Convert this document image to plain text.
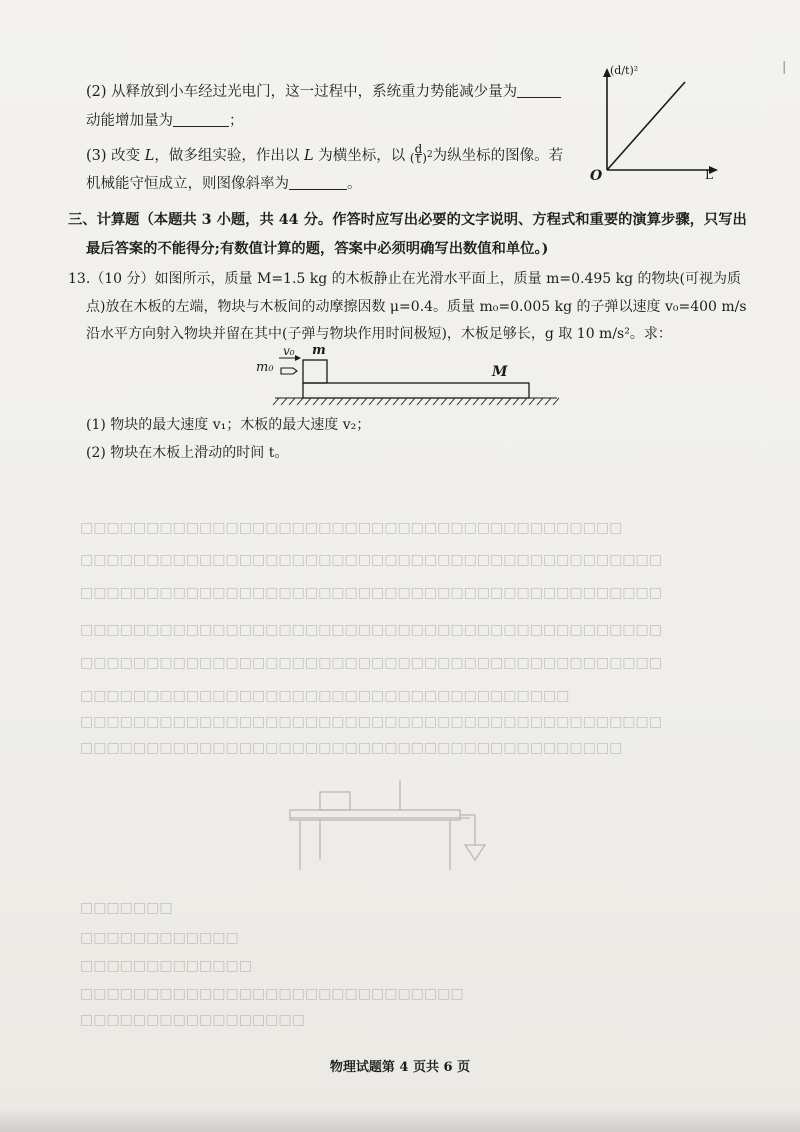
□□□□□□□□□□□□□□□□□□□□□□□□□□□□□□□□□□□□□□□□□
□□□□□□□□□□□□□□□□□□□□□□□□□□□□□□□□□□□□□□□□□□□□
□□□□□□□□□□□□□□□□□□□□□□□□□□□□□□□□□□□□□□□□□□□□
□□□□□□□□□□□□□□□□□□□□□□□□□□□□□□□□□□□□□□□□□□□□
□□□□□□□□□□□□□□□□□□□□□□□□□□□□□□□□□□□□□□□□□□□□
□□□□□□□□□□□□□□□□□□□□□□□□□□□□□□□□□□□□□
□□□□□□□□□□□□□□□□□□□□□□□□□□□□□□□□□□□□□□□□□□□□
□□□□□□□□□□□□□□□□□□□□□□□□□□□□□□□□□□□□□□□□□
□□□□□□□
□□□□□□□□□□□□
□□□□□□□□□□□□□
□□□□□□□□□□□□□□□□□□□□□□□□□□□□□
□□□□□□□□□□□□□□□□□
|
(2) 从释放到小车经过光电门，这一过程中，系统重力势能减少量为
动能增加量为	；
(3) 改变 L，做多组实验，作出以 L 为横坐标，以 ( $\frac{d}{t} )^2$为纵坐标的图像。若
机械能守恒成立，则图像斜率为	。
(d/t)²
L
O
三、计算题（本题共 3 小题，共 44 分。作答时应写出必要的文字说明、方程式和重要的演算步骤，只写出
最后答案的不能得分;有数值计算的题，答案中必须明确写出数值和单位。)
13.（10 分）如图所示，质量 M=1.5 kg 的木板静止在光滑水平面上，质量 m=0.495 kg 的物块(可视为质
点)放在木板的左端，物块与木板间的动摩擦因数 μ=0.4。质量 m₀=0.005 kg 的子弹以速度 v₀=400 m/s
沿水平方向射入物块并留在其中(子弹与物块作用时间极短)，木板足够长，g 取 10 m/s²。求：
v₀ m
m₀	M
(1) 物块的最大速度 v₁；木板的最大速度 v₂；
(2) 物块在木板上滑动的时间 t。
物理试题第 4 页共 6 页
